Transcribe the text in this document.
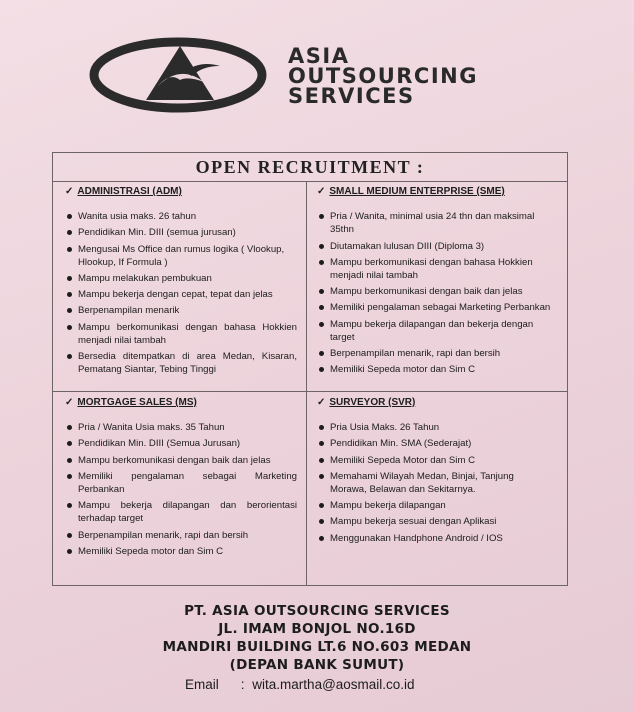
ASIA
OUTSOURCING
SERVICES
OPEN RECRUITMENT :
✓ ADMINISTRASI (ADM)
Wanita usia maks. 26 tahun
Pendidikan Min. DIII (semua jurusan)
Mengusai Ms Office dan rumus logika ( Vlookup, Hlookup, If Formula )
Mampu melakukan pembukuan
Mampu bekerja dengan cepat, tepat dan jelas
Berpenampilan menarik
Mampu berkomunikasi dengan bahasa Hokkien menjadi nilai tambah
Bersedia ditempatkan di area Medan, Kisaran, Pematang Siantar, Tebing Tinggi
✓ SMALL MEDIUM ENTERPRISE (SME)
Pria / Wanita, minimal usia 24 thn dan maksimal 35thn
Diutamakan lulusan DIII (Diploma 3)
Mampu berkomunikasi dengan bahasa Hokkien menjadi nilai tambah
Mampu berkomunikasi dengan baik dan jelas
Memiliki pengalaman sebagai Marketing Perbankan
Mampu bekerja dilapangan dan bekerja dengan target
Berpenampilan menarik, rapi dan bersih
Memiliki Sepeda motor dan Sim C
✓ MORTGAGE SALES (MS)
Pria / Wanita Usia maks. 35 Tahun
Pendidikan Min. DIII (Semua Jurusan)
Mampu berkomunikasi dengan baik dan jelas
Memiliki pengalaman sebagai Marketing Perbankan
Mampu bekerja dilapangan dan berorientasi terhadap target
Berpenampilan menarik, rapi dan bersih
Memiliki Sepeda motor dan Sim C
✓ SURVEYOR (SVR)
Pria Usia Maks. 26 Tahun
Pendidikan Min. SMA (Sederajat)
Memiliki Sepeda Motor dan Sim C
Memahami Wilayah Medan, Binjai, Tanjung Morawa, Belawan dan Sekitarnya.
Mampu bekerja dilapangan
Mampu bekerja sesuai dengan Aplikasi
Menggunakan Handphone Android / IOS
PT. ASIA OUTSOURCING SERVICES
JL. IMAM BONJOL NO.16D
MANDIRI BUILDING LT.6 NO.603 MEDAN
(DEPAN BANK SUMUT)
Email : wita.martha@aosmail.co.id
